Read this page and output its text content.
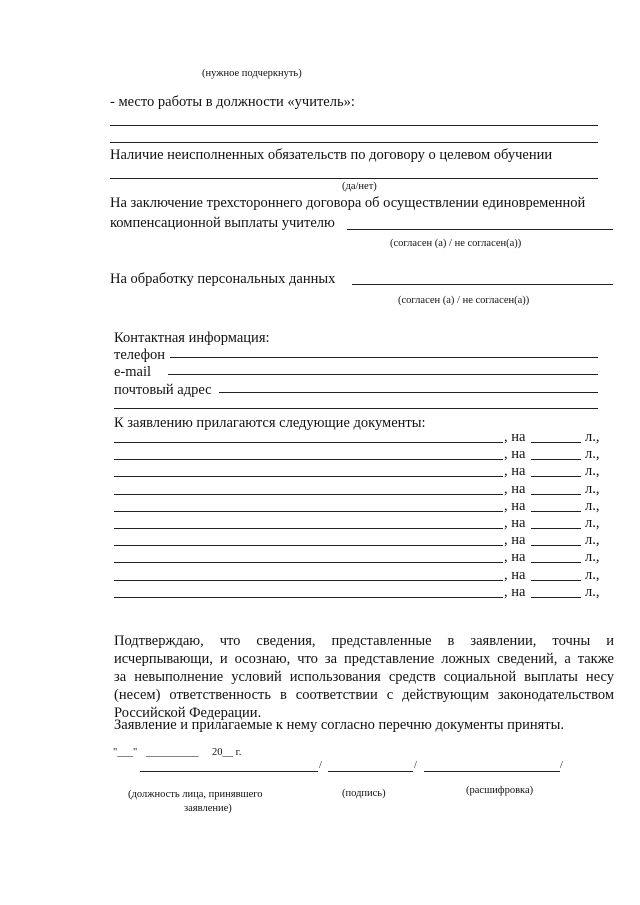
(нужное подчеркнуть)
- место работы в должности «учитель»:
Наличие неисполненных обязательств по договору о целевом обучении
(да/нет)
На заключение трехстороннего договора об осуществлении единовременной
компенсационной выплаты учителю
(согласен (а) / не согласен(а))
На обработку персональных данных
(согласен (а) / не согласен(а))
Контактная информация:
телефон
e-mail
почтовый адрес
К заявлению прилагаются следующие документы:
, на	л.,
, на	л.,
, на	л.,
, на	л.,
, на	л.,
, на	л.,
, на	л.,
, на	л.,
, на	л.,
, на	л.,
Подтверждаю, что сведения, представленные в заявлении, точны и
исчерпывающи, и осознаю, что за представление ложных сведений, а также
за невыполнение условий использования средств социальной выплаты несу
(несем) ответственность в соответствии с действующим законодательством
Российской Федерации.
Заявление и прилагаемые к нему согласно перечню документы приняты.
"___" __________ 20__ г.
/	/	/
(должность лица, принявшего
заявление)
(подпись)	(расшифровка)
